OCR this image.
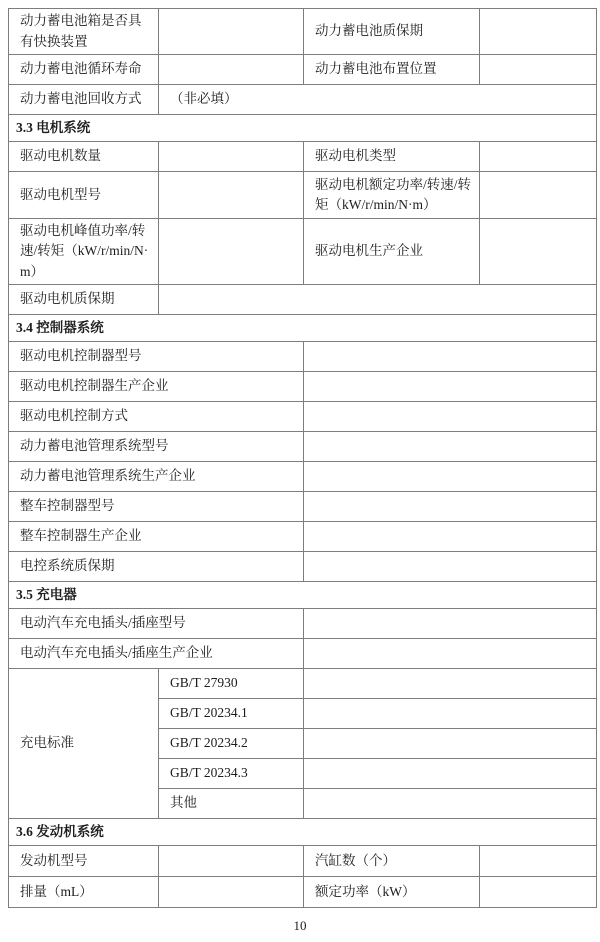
动力蓄电池箱是否具有快换装置		动力蓄电池质保期	
动力蓄电池循环寿命		动力蓄电池布置位置	
动力蓄电池回收方式	（非必填）		
3.3 电机系统			
驱动电机数量		驱动电机类型	
驱动电机型号		驱动电机额定功率/转速/转矩（kW/r/min/N·m）	
驱动电机峰值功率/转速/转矩（kW/r/min/N·m）		驱动电机生产企业	
驱动电机质保期			
3.4 控制器系统			
驱动电机控制器型号			
驱动电机控制器生产企业			
驱动电机控制方式			
动力蓄电池管理系统型号			
动力蓄电池管理系统生产企业			
整车控制器型号			
整车控制器生产企业			
电控系统质保期			
3.5 充电器			
电动汽车充电插头/插座型号			
电动汽车充电插头/插座生产企业			
充电标准	GB/T 27930		
	GB/T 20234.1		
	GB/T 20234.2		
	GB/T 20234.3		
	其他		
3.6 发动机系统			
发动机型号		汽缸数（个）	
排量（mL）		额定功率（kW）	
10
